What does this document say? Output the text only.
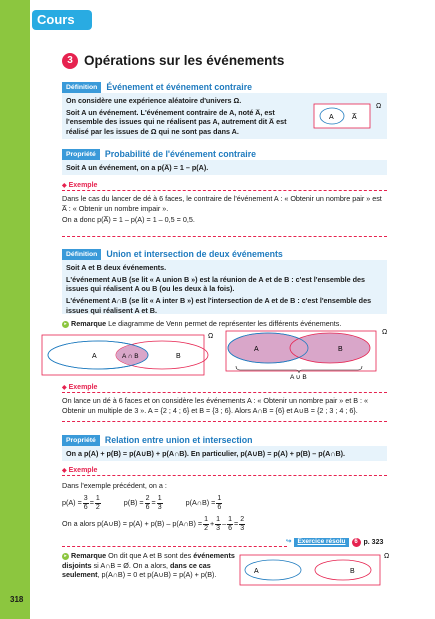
Cours
318
3 Opérations sur les événements
Définition	Événement et événement contraire

On considère une expérience aléatoire d'univers Ω.

Soit A un événement. L'événement contraire de A, noté A̅, est l'ensemble des issues qui ne réalisent pas A, autrement dit A̅ est réalisé par les issues de Ω qui ne sont pas dans A.

A	A̅
Ω
Propriété	Probabilité de l'événement contraire

Soit A un événement, on a p(A̅) = 1 – p(A).

◆ Exemple

Dans le cas du lancer de dé à 6 faces, le contraire de l'événement A : « Obtenir un nombre pair » est A̅ : « Obtenir un nombre impair ».

On a donc p(A̅) = 1 – p(A) = 1 – 0,5 = 0,5.

Définition	Union et intersection de deux événements

Soit A et B deux événements.

L'événement A∪B (se lit « A union B ») est la réunion de A et de B : c'est l'ensemble des issues qui réalisent A ou B (ou les deux à la fois).

L'événement A∩B (se lit « A inter B ») est l'intersection de A et de B : c'est l'ensemble des issues qui réalisent A et B.

▸ Remarque Le diagramme de Venn permet de représenter les différents événements.
Ω
A	A ∩ B	B
Ω
A	B
A ∪ B
◆ Exemple

On lance un dé à 6 faces et on considère les événements A : « Obtenir un nombre pair » et B : « Obtenir un multiple de 3 ». A = {2 ; 4 ; 6} et B = {3 ; 6}. Alors A∩B = {6} et A∪B = {2 ; 3 ; 4 ; 6}.

Propriété	Relation entre union et intersection

On a p(A) + p(B) = p(A∪B) + p(A∩B). En particulier, p(A∪B) = p(A) + p(B) – p(A∩B).

◆ Exemple

Dans l'exemple précédent, on a :

$p(A) = \frac{3}{6} = \frac{1}{2}$	$p(B) = \frac{2}{6} = \frac{1}{3}$	p(A∩B) = $\frac{1}{6}$
On a alors p(A∪B) = p(A) + p(B) – p(A∩B) = $\frac{1}{2} + \frac{1}{3} - \frac{1}{6} = \frac{2}{3}$
↪ Exercice résolu	6 p. 323
▸ Remarque On dit que A et B sont des événements disjoints si A∩B = Ø. On a alors, dans ce cas seulement, p(A∩B) = 0 et p(A∪B) = p(A) + p(B).
Ω
A	B
